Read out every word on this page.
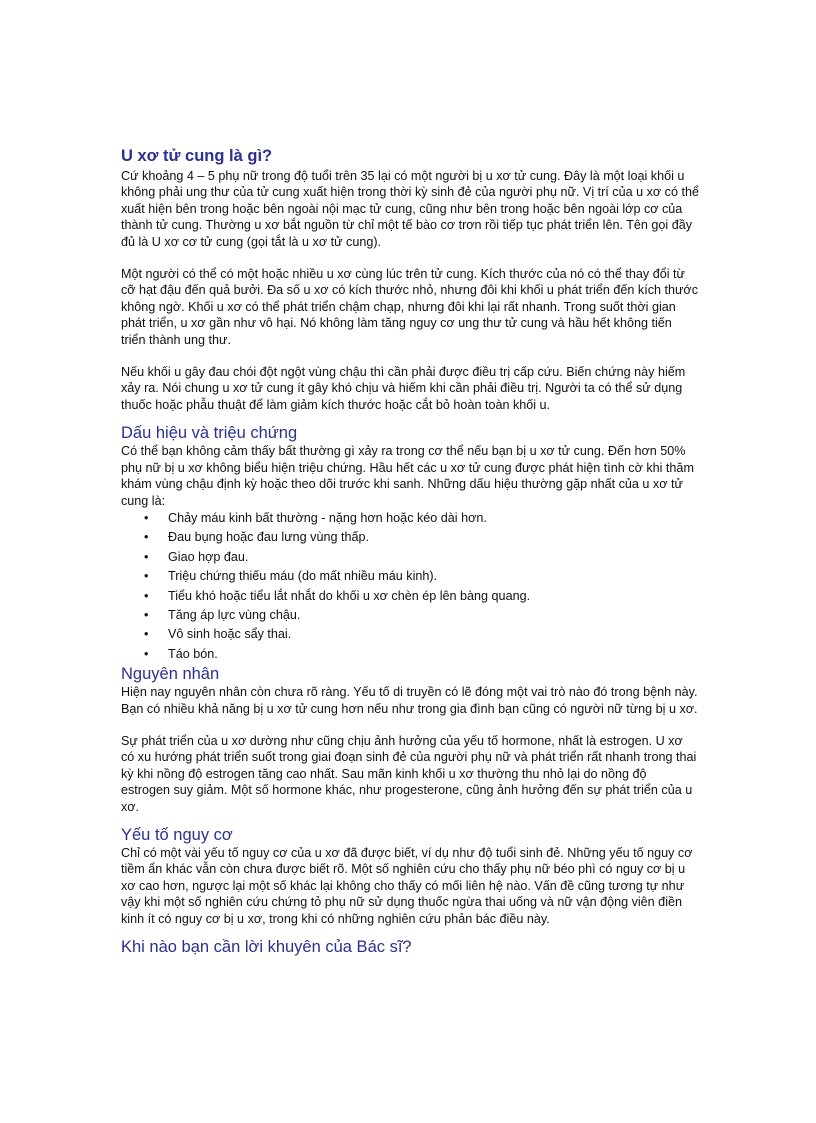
U xơ tử cung là gì?

Cứ khoảng 4 – 5 phụ nữ trong độ tuổi trên 35 lại có một người bị u xơ tử cung. Đây là một loại khối u không phải ung thư của tử cung xuất hiện trong thời kỳ sinh đẻ của người phụ nữ. Vị trí của u xơ có thể xuất hiện bên trong hoặc bên ngoài nội mạc tử cung, cũng như bên trong hoặc bên ngoài lớp cơ của thành tử cung. Thường u xơ bắt nguồn từ chỉ một tế bào cơ trơn rồi tiếp tục phát triển lên. Tên gọi đầy đủ là U xơ cơ tử cung (gọi tắt là u xơ tử cung).

Một người có thể có một hoặc nhiều u xơ cùng lúc trên tử cung. Kích thước của nó có thể thay đổi từ cỡ hạt đậu đến quả bưởi. Đa số u xơ có kích thước nhỏ, nhưng đôi khi khối u phát triển đến kích thước không ngờ. Khối u xơ có thể phát triển chậm chạp, nhưng đôi khi lại rất nhanh. Trong suốt thời gian phát triển, u xơ gần như vô hại. Nó không làm tăng nguy cơ ung thư tử cung và hầu hết không tiến triển thành ung thư.

Nếu khối u gây đau chói đột ngột vùng chậu thì cần phải được điều trị cấp cứu. Biến chứng này hiếm xảy ra. Nói chung u xơ tử cung ít gây khó chịu và hiếm khi cần phải điều trị. Người ta có thể sử dụng thuốc hoặc phẫu thuật để làm giảm kích thước hoặc cắt bỏ hoàn toàn khối u.

Dấu hiệu và triệu chứng

Có thể bạn không cảm thấy bất thường gì xảy ra trong cơ thể nếu bạn bị u xơ tử cung. Đến hơn 50% phụ nữ bị u xơ không biểu hiện triệu chứng. Hầu hết các u xơ tử cung được phát hiện tình cờ khi thăm khám vùng chậu định kỳ hoặc theo dõi trước khi sanh. Những dấu hiệu thường gặp nhất của u xơ tử cung là:

• Chảy máu kinh bất thường - nặng hơn hoặc kéo dài hơn.
• Đau bụng hoặc đau lưng vùng thấp.
• Giao hợp đau.
• Triệu chứng thiếu máu (do mất nhiều máu kinh).
• Tiểu khó hoặc tiểu lắt nhắt do khối u xơ chèn ép lên bàng quang.
• Tăng áp lực vùng chậu.
• Vô sinh hoặc sẩy thai.
• Táo bón.
Nguyên nhân

Hiện nay nguyên nhân còn chưa rõ ràng. Yếu tố di truyền có lẽ đóng một vai trò nào đó trong bệnh này. Bạn có nhiều khả năng bị u xơ tử cung hơn nếu như trong gia đình bạn cũng có người nữ từng bị u xơ.

Sự phát triển của u xơ dường như cũng chịu ảnh hưởng của yếu tố hormone, nhất là estrogen. U xơ có xu hướng phát triển suốt trong giai đoạn sinh đẻ của người phụ nữ và phát triển rất nhanh trong thai kỳ khi nồng độ estrogen tăng cao nhất. Sau mãn kinh khối u xơ thường thu nhỏ lại do nồng độ estrogen suy giảm. Một số hormone khác, như progesterone, cũng ảnh hưởng đến sự phát triển của u xơ.

Yếu tố nguy cơ

Chỉ có một vài yếu tố nguy cơ của u xơ đã được biết, ví dụ như độ tuổi sinh đẻ. Những yếu tố nguy cơ tiềm ẩn khác vẫn còn chưa được biết rõ. Một số nghiên cứu cho thấy phụ nữ béo phì có nguy cơ bị u xơ cao hơn, ngược lại một số khác lại không cho thấy có mối liên hệ nào. Vấn đề cũng tương tự như vậy khi một số nghiên cứu chứng tỏ phụ nữ sử dụng thuốc ngừa thai uống và nữ vận động viên điền kinh ít có nguy cơ bị u xơ, trong khi có những nghiên cứu phản bác điều này.

Khi nào bạn cần lời khuyên của Bác sĩ?
